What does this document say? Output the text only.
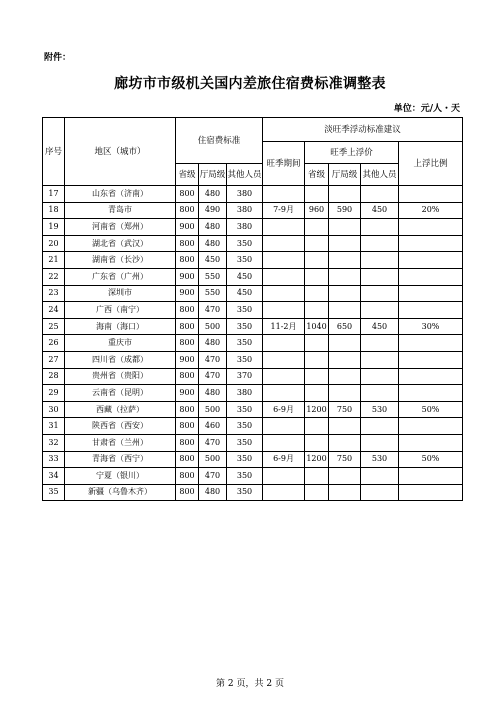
附件：
廊坊市市级机关国内差旅住宿费标准调整表
单位：元/人・天
序号	地区（城市）	住宿费标准			淡旺季浮动标准建议				
					旺季期间	旺季上浮价			上浮比例
		省级	厅局级	其他人员		省级	厅局级	其他人员	
17	山东省（济南）	800	480	380					
18	青岛市	800	490	380	7-9月	960	590	450	20%
19	河南省（郑州）	900	480	380					
20	湖北省（武汉）	800	480	350					
21	湖南省（长沙）	800	450	350					
22	广东省（广州）	900	550	450					
23	深圳市	900	550	450					
24	广西（南宁）	800	470	350					
25	海南（海口）	800	500	350	11-2月	1040	650	450	30%
26	重庆市	800	480	350					
27	四川省（成都）	900	470	350					
28	贵州省（贵阳）	800	470	370					
29	云南省（昆明）	900	480	380					
30	西藏（拉萨）	800	500	350	6-9月	1200	750	530	50%
31	陕西省（西安）	800	460	350					
32	甘肃省（兰州）	800	470	350					
33	青海省（西宁）	800	500	350	6-9月	1200	750	530	50%
34	宁夏（银川）	800	470	350					
35	新疆（乌鲁木齐）	800	480	350					
第 2 页，共 2 页
